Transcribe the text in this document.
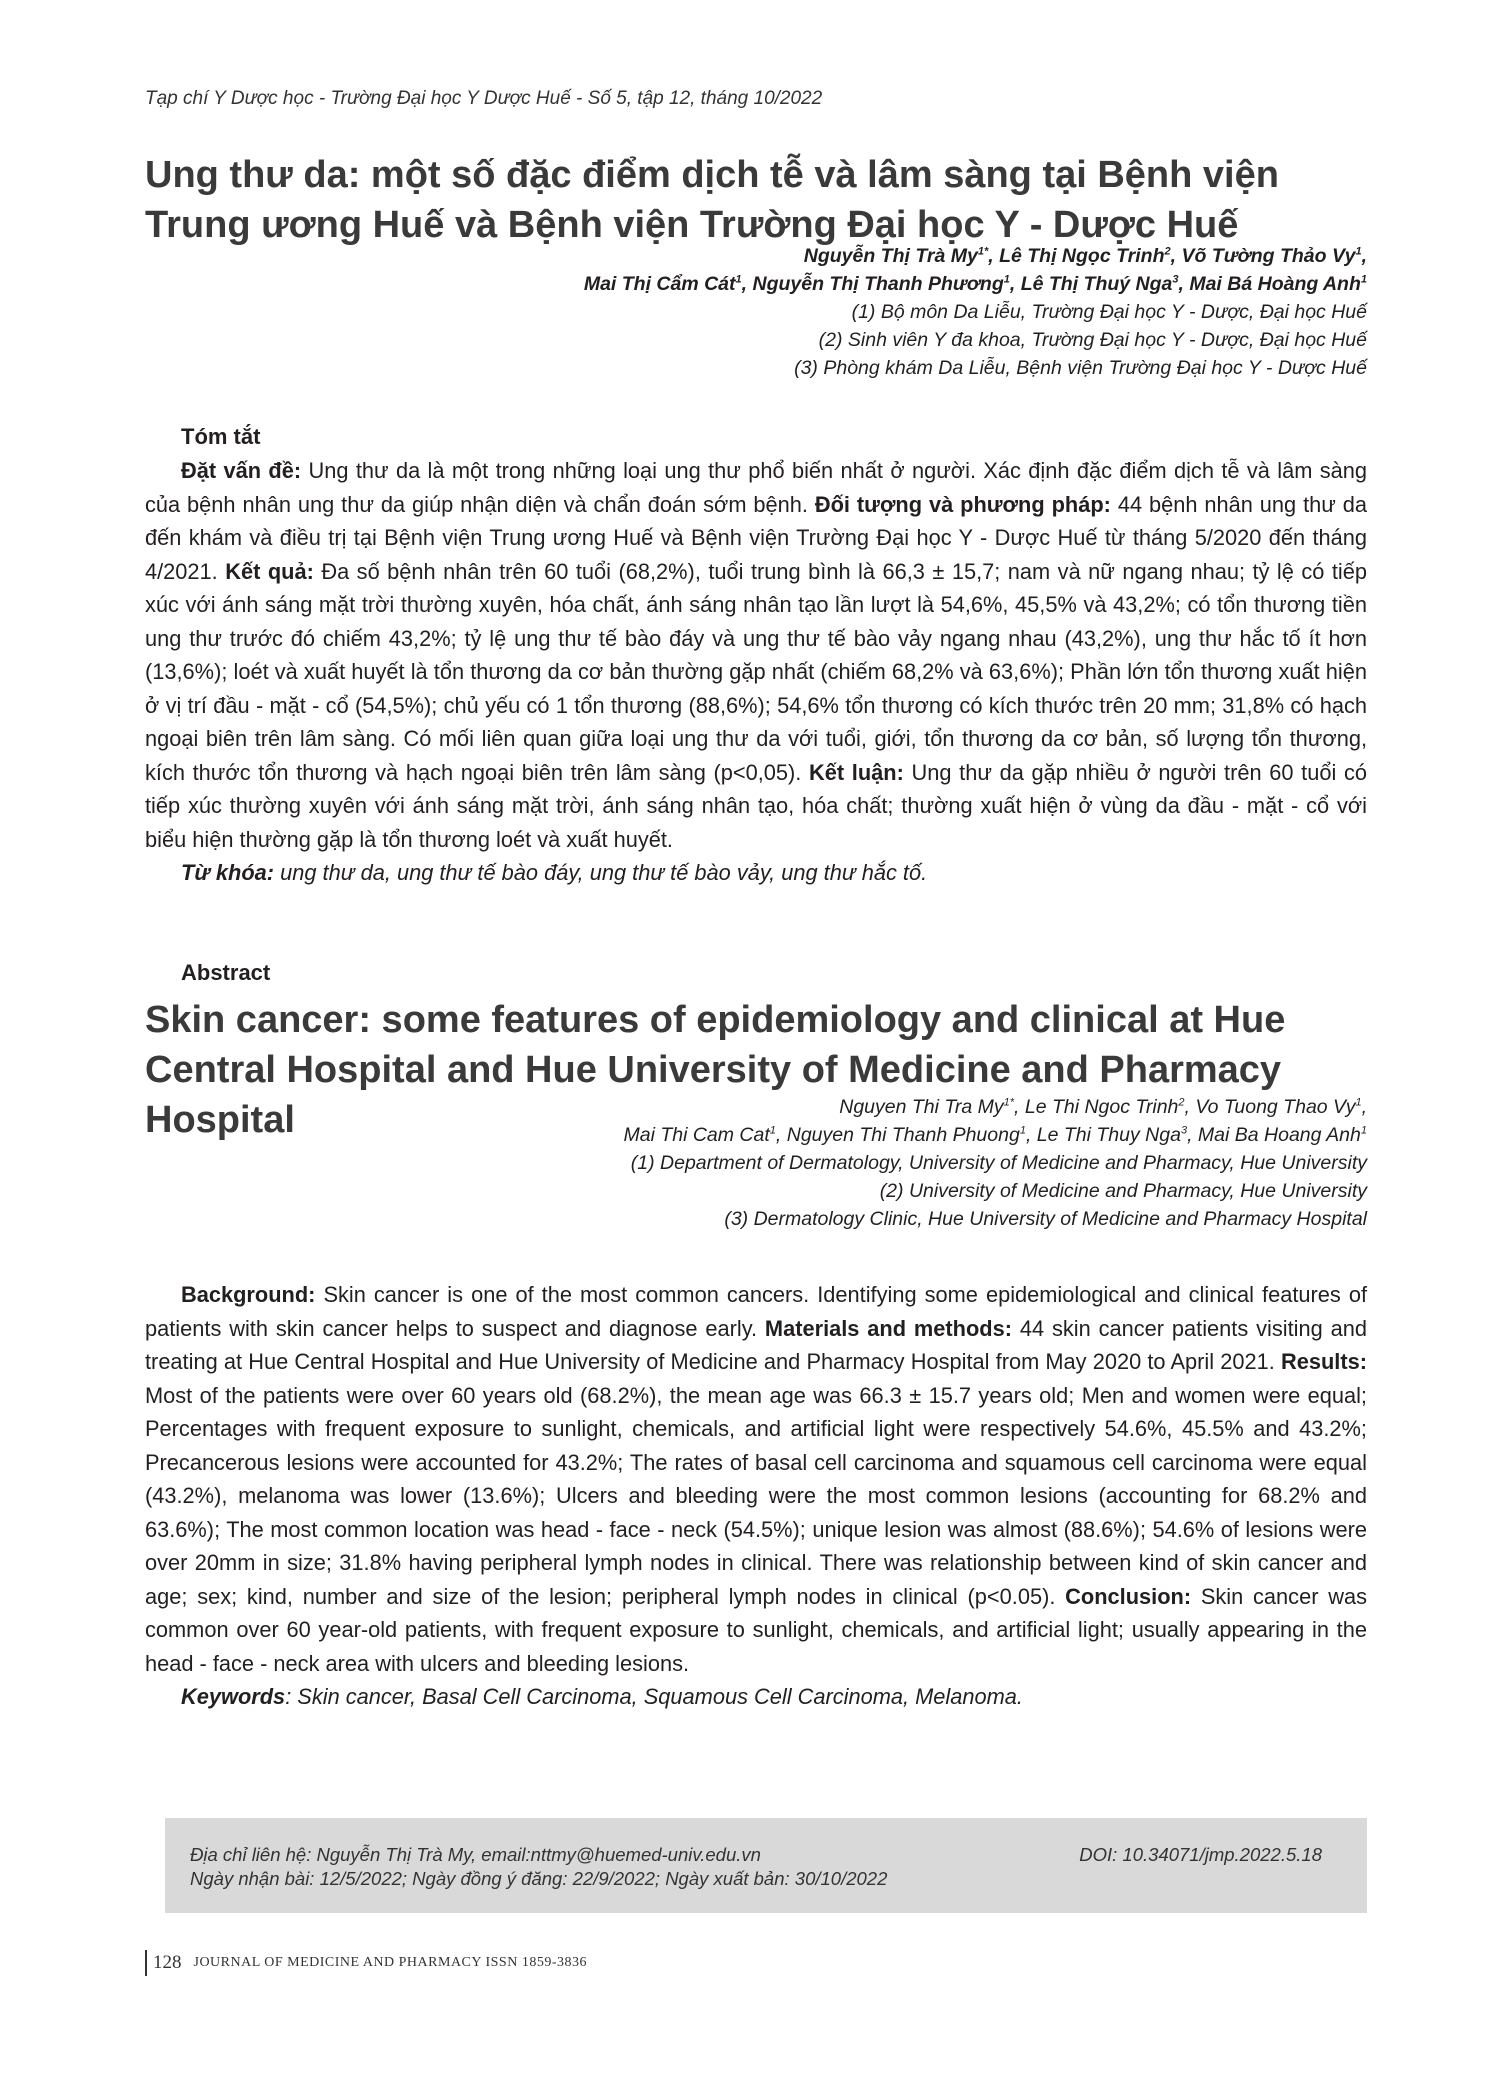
Tạp chí Y Dược học - Trường Đại học Y Dược Huế - Số 5, tập 12, tháng 10/2022
Ung thư da: một số đặc điểm dịch tễ và lâm sàng tại Bệnh viện Trung ương Huế và Bệnh viện Trường Đại học Y - Dược Huế
Nguyễn Thị Trà $My^{1*}$, Lê Thị Ngọc Trinh$^2$, Võ Tường Thảo Vy$^1$,
Mai Thị Cẩm Cát$^1$, Nguyễn Thị Thanh Phương$^1$, Lê Thị Thuý Nga$^3$, Mai Bá Hoàng Anh$^1$
(1) Bộ môn Da Liễu, Trường Đại học Y - Dược, Đại học Huế
(2) Sinh viên Y đa khoa, Trường Đại học Y - Dược, Đại học Huế
(3) Phòng khám Da Liễu, Bệnh viện Trường Đại học Y - Dược Huế
Tóm tắt

Đặt vấn đề: Ung thư da là một trong những loại ung thư phổ biến nhất ở người. Xác định đặc điểm dịch tễ và lâm sàng của bệnh nhân ung thư da giúp nhận diện và chẩn đoán sớm bệnh. Đối tượng và phương pháp: 44 bệnh nhân ung thư da đến khám và điều trị tại Bệnh viện Trung ương Huế và Bệnh viện Trường Đại học Y - Dược Huế từ tháng 5/2020 đến tháng 4/2021. Kết quả: Đa số bệnh nhân trên 60 tuổi (68,2%), tuổi trung bình là 66,3 ± 15,7; nam và nữ ngang nhau; tỷ lệ có tiếp xúc với ánh sáng mặt trời thường xuyên, hóa chất, ánh sáng nhân tạo lần lượt là 54,6%, 45,5% và 43,2%; có tổn thương tiền ung thư trước đó chiếm 43,2%; tỷ lệ ung thư tế bào đáy và ung thư tế bào vảy ngang nhau (43,2%), ung thư hắc tố ít hơn (13,6%); loét và xuất huyết là tổn thương da cơ bản thường gặp nhất (chiếm 68,2% và 63,6%); Phần lớn tổn thương xuất hiện ở vị trí đầu - mặt - cổ (54,5%); chủ yếu có 1 tổn thương (88,6%); 54,6% tổn thương có kích thước trên 20 mm; 31,8% có hạch ngoại biên trên lâm sàng. Có mối liên quan giữa loại ung thư da với tuổi, giới, tổn thương da cơ bản, số lượng tổn thương, kích thước tổn thương và hạch ngoại biên trên lâm sàng (p<0,05). Kết luận: Ung thư da gặp nhiều ở người trên 60 tuổi có tiếp xúc thường xuyên với ánh sáng mặt trời, ánh sáng nhân tạo, hóa chất; thường xuất hiện ở vùng da đầu - mặt - cổ với biểu hiện thường gặp là tổn thương loét và xuất huyết.

Từ khóa: ung thư da, ung thư tế bào đáy, ung thư tế bào vảy, ung thư hắc tố.

Abstract
Skin cancer: some features of epidemiology and clinical at Hue Central Hospital and Hue University of Medicine and Pharmacy Hospital	Nguyen Thi Tra $My^{1*}$, Le Thi Ngoc Trinh$^2$, Vo Tuong Thao Vy$^1$,
Mai Thi Cam Cat$^1$, Nguyen Thi Thanh Phuong$^1$, Le Thi Thuy Nga$^3$, Mai Ba Hoang Anh$^1$
(1) Department of Dermatology, University of Medicine and Pharmacy, Hue University
(2) University of Medicine and Pharmacy, Hue University
(3) Dermatology Clinic, Hue University of Medicine and Pharmacy Hospital

Background: Skin cancer is one of the most common cancers. Identifying some epidemiological and clinical features of patients with skin cancer helps to suspect and diagnose early. Materials and methods: 44 skin cancer patients visiting and treating at Hue Central Hospital and Hue University of Medicine and Pharmacy Hospital from May 2020 to April 2021. Results: Most of the patients were over 60 years old (68.2%), the mean age was 66.3 ± 15.7 years old; Men and women were equal; Percentages with frequent exposure to sunlight, chemicals, and artificial light were respectively 54.6%, 45.5% and 43.2%; Precancerous lesions were accounted for 43.2%; The rates of basal cell carcinoma and squamous cell carcinoma were equal (43.2%), melanoma was lower (13.6%); Ulcers and bleeding were the most common lesions (accounting for 68.2% and 63.6%); The most common location was head - face - neck (54.5%); unique lesion was almost (88.6%); 54.6% of lesions were over 20mm in size; 31.8% having peripheral lymph nodes in clinical. There was relationship between kind of skin cancer and age; sex; kind, number and size of the lesion; peripheral lymph nodes in clinical (p<0.05). Conclusion: Skin cancer was common over 60 year-old patients, with frequent exposure to sunlight, chemicals, and artificial light; usually appearing in the head - face - neck area with ulcers and bleeding lesions.

Keywords: Skin cancer, Basal Cell Carcinoma, Squamous Cell Carcinoma, Melanoma.

Địa chỉ liên hệ: Nguyễn Thị Trà My, email:nttmy@huemed-univ.edu.vn
Ngày nhận bài: 12/5/2022; Ngày đồng ý đăng: 22/9/2022; Ngày xuất bản: 30/10/2022
DOI: 10.34071/jmp.2022.5.18
128 JOURNAL OF MEDICINE AND PHARMACY ISSN 1859-3836
